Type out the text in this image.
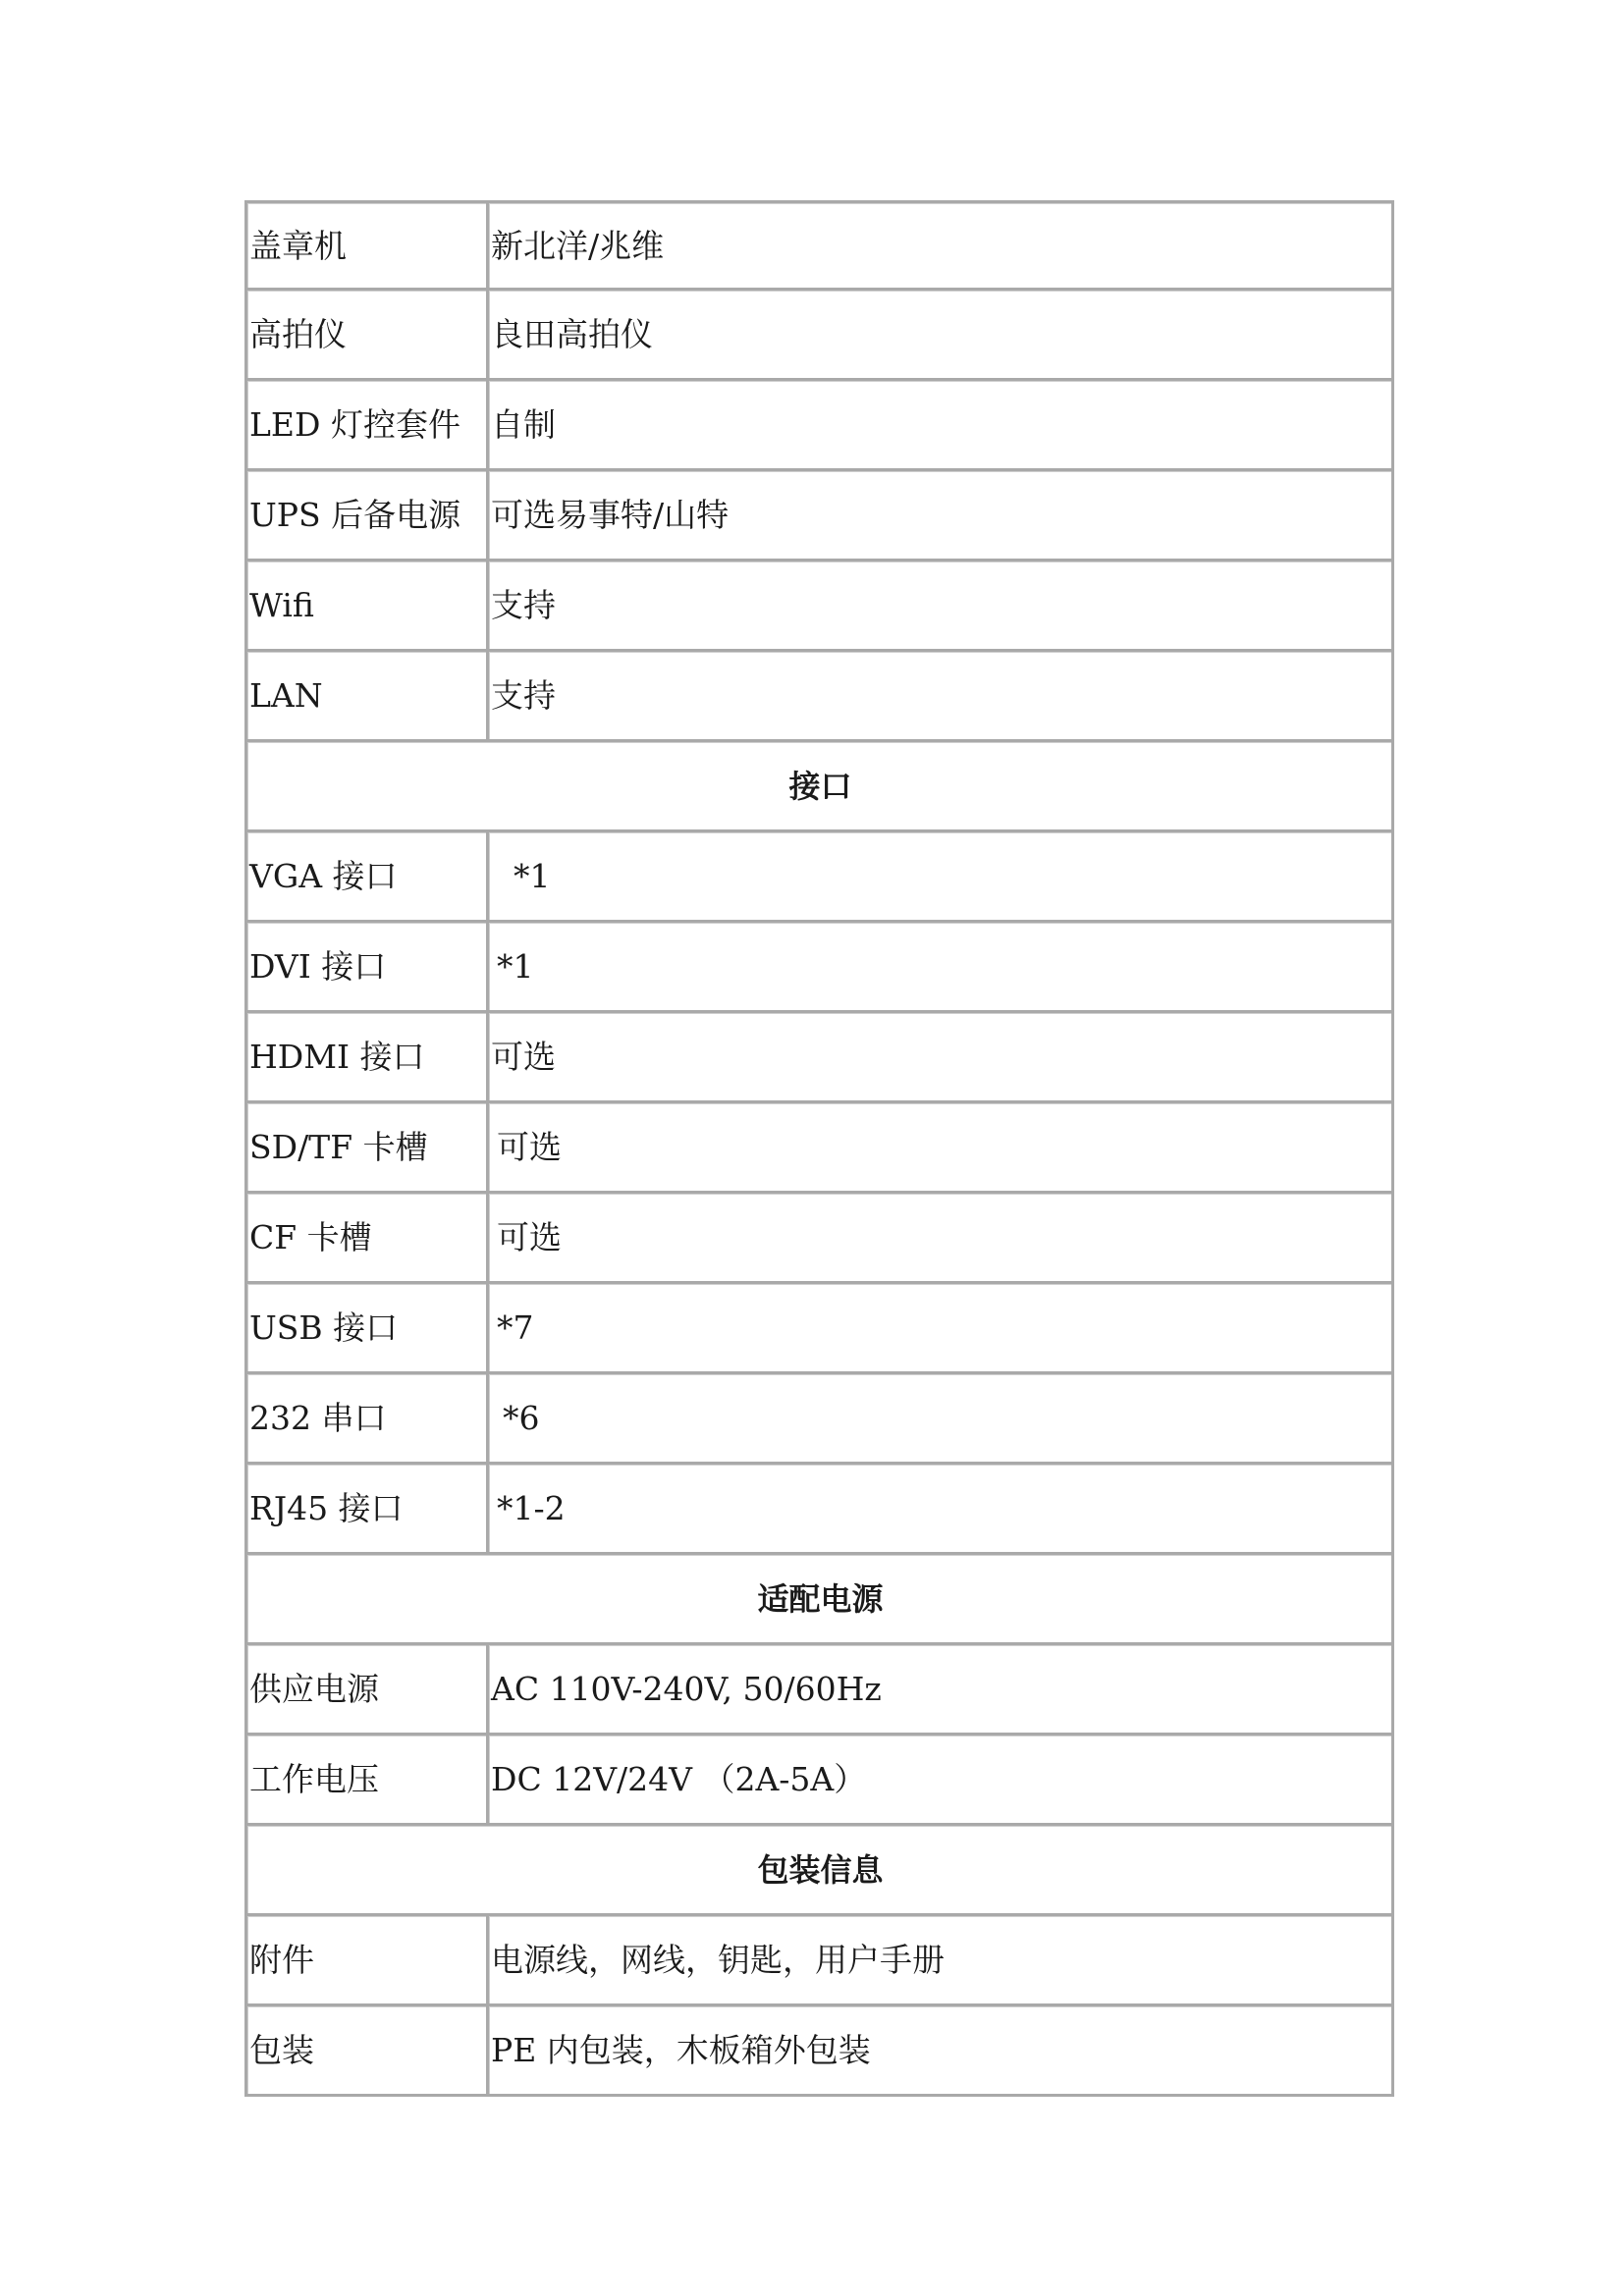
盖章机	新北洋/兆维
高拍仪	良田高拍仪
LED 灯控套件	自制
UPS 后备电源	可选易事特/山特
Wifi	支持
LAN	支持
接口	
VGA 接口	*1
DVI 接口	*1
HDMI 接口	可选
SD/TF 卡槽	可选
CF 卡槽	可选
USB 接口	*7
232 串口	*6
RJ45 接口	*1-2
适配电源	
供应电源	AC 110V-240V, 50/60Hz
工作电压	DC 12V/24V （2A-5A）
包装信息	
附件	电源线，网线，钥匙，用户手册
包装	PE 内包装，木板箱外包装
